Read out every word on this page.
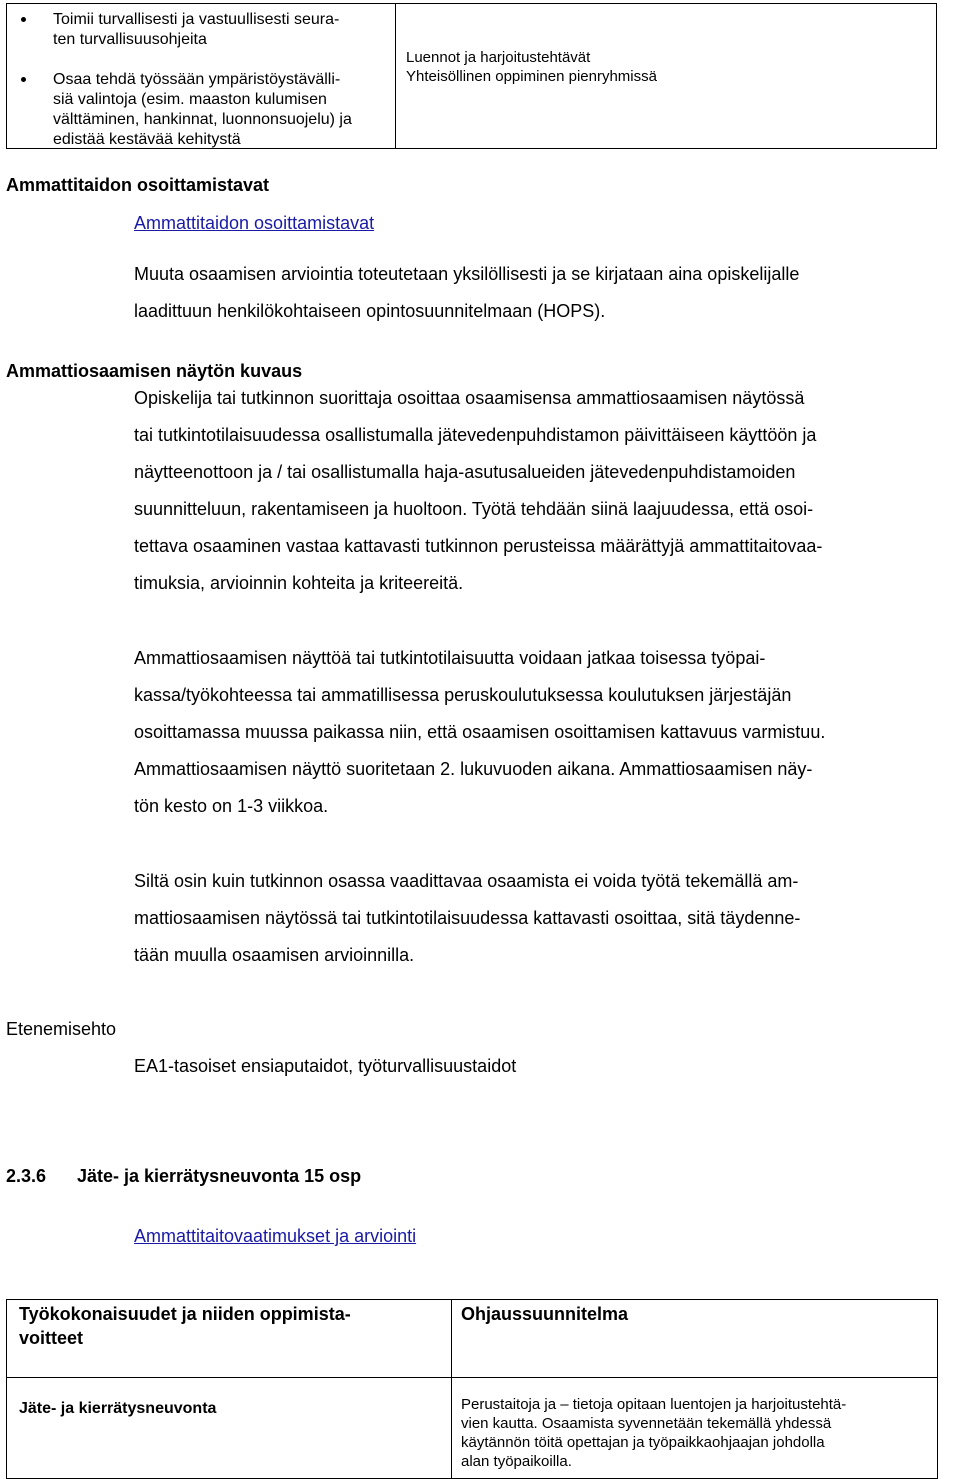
Toimii turvallisesti ja vastuullisesti seura-
ten turvallisuusohjeita
Osaa tehdä työssään ympäristöystävälli-
siä valintoja (esim. maaston kulumisen
välttäminen, hankinnat, luonnonsuojelu) ja
edistää kestävää kehitystä
Luennot ja harjoitustehtävät
Yhteisöllinen oppiminen pienryhmissä
Ammattitaidon osoittamistavat
Ammattitaidon osoittamistavat
Muuta osaamisen arviointia toteutetaan yksilöllisesti ja se kirjataan aina opiskelijalle
laadittuun henkilökohtaiseen opintosuunnitelmaan (HOPS).
Ammattiosaamisen näytön kuvaus
Opiskelija tai tutkinnon suorittaja osoittaa osaamisensa ammattiosaamisen näytössä
tai tutkintotilaisuudessa osallistumalla jätevedenpuhdistamon päivittäiseen käyttöön ja
näytteenottoon ja / tai osallistumalla haja-asutusalueiden jätevedenpuhdistamoiden
suunnitteluun, rakentamiseen ja huoltoon. Työtä tehdään siinä laajuudessa, että osoi-
tettava osaaminen vastaa kattavasti tutkinnon perusteissa määrättyjä ammattitaitovaa-
timuksia, arvioinnin kohteita ja kriteereitä.
Ammattiosaamisen näyttöä tai tutkintotilaisuutta voidaan jatkaa toisessa työpai-
kassa/työkohteessa tai ammatillisessa peruskoulutuksessa koulutuksen järjestäjän
osoittamassa muussa paikassa niin, että osaamisen osoittamisen kattavuus varmistuu.
Ammattiosaamisen näyttö suoritetaan 2. lukuvuoden aikana. Ammattiosaamisen näy-
tön kesto on 1-3 viikkoa.
Siltä osin kuin tutkinnon osassa vaadittavaa osaamista ei voida työtä tekemällä am-
mattiosaamisen näytössä tai tutkintotilaisuudessa kattavasti osoittaa, sitä täydenne-
tään muulla osaamisen arvioinnilla.
Etenemisehto
EA1-tasoiset ensiaputaidot, työturvallisuustaidot
2.3.6 Jäte- ja kierrätysneuvonta 15 osp
Ammattitaitovaatimukset ja arviointi
Työkokonaisuudet ja niiden oppimista-
voitteet
Ohjaussuunnitelma
Jäte- ja kierrätysneuvonta	Perustaitoja ja – tietoja opitaan luentojen ja harjoitustehtä-
vien kautta. Osaamista syvennetään tekemällä yhdessä
käytännön töitä opettajan ja työpaikkaohjaajan johdolla
alan työpaikoilla.
